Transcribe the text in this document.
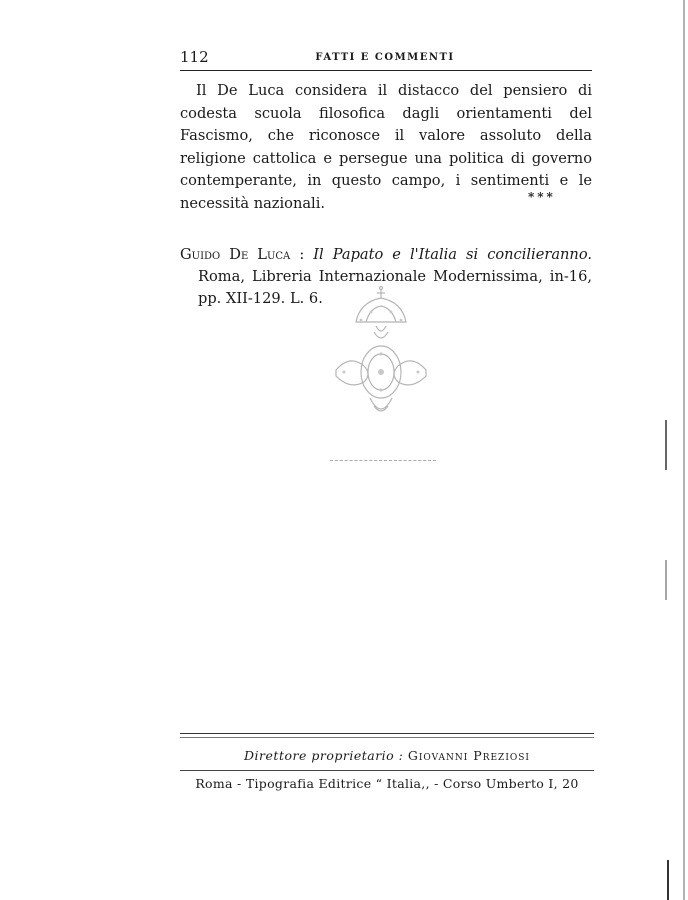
112	FATTI E COMMENTI

Il De Luca considera il distacco del pensiero di codesta scuola filosofica dagli orientamenti del Fascismo, che riconosce il valore assoluto della religione cattolica e persegue una politica di governo contemperante, in questo campo, i sentimenti e le necessità nazionali.	***

Guido De Luca : Il Papato e l'Italia si concilieranno. Roma, Libreria Internazionale Modernissima, in-16, pp. XII-129. L. 6.

Direttore proprietario : Giovanni Preziosi
Roma - Tipografia Editrice “ Italia,, - Corso Umberto I, 20
